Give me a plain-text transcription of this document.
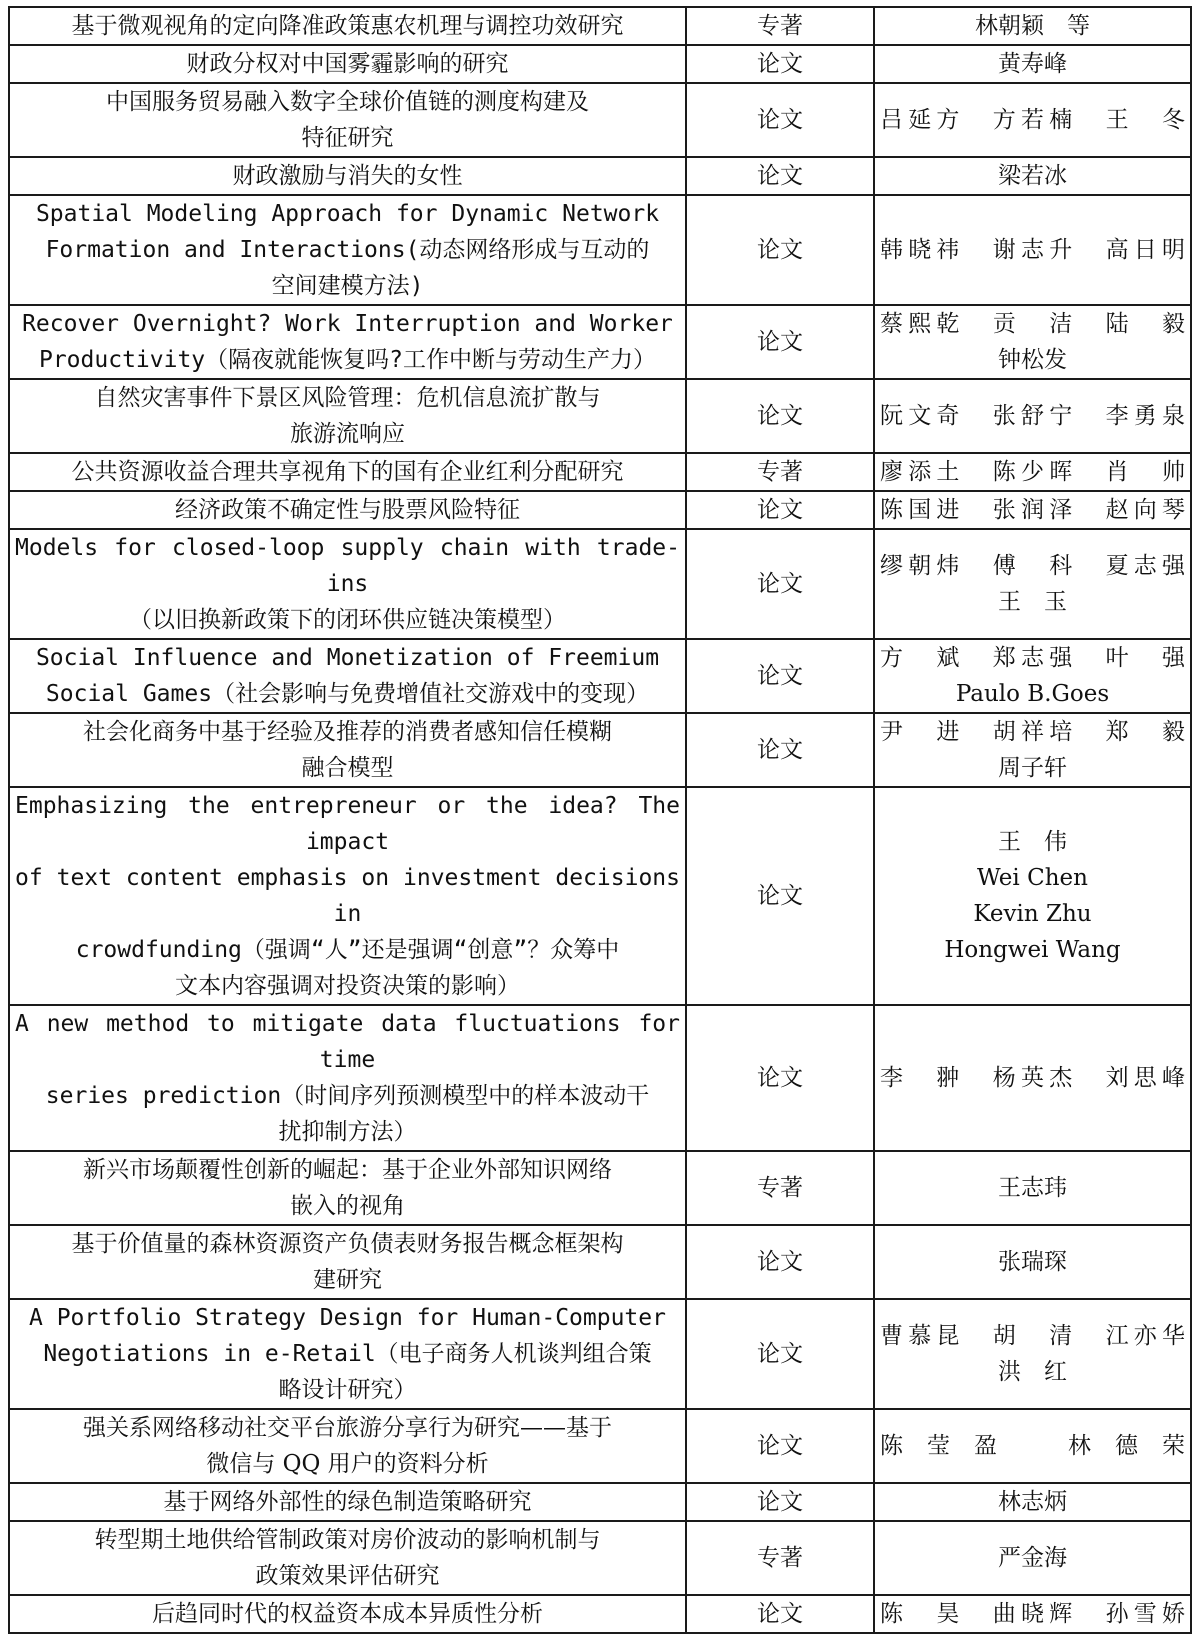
基于微观视角的定向降准政策惠农机理与调控功效研究	专著	林朝颖　等

财政分权对中国雾霾影响的研究	论文	黄寿峰

中国服务贸易融入数字全球价值链的测度构建及
特征研究	论文	吕延方　方若楠　王　冬

财政激励与消失的女性	论文	梁若冰

Spatial Modeling Approach for Dynamic Network
Formation and Interactions(动态网络形成与互动的
空间建模方法)	论文	韩晓祎　谢志升　高日明

Recover Overnight? Work Interruption and Worker
Productivity（隔夜就能恢复吗?工作中断与劳动生产力）	论文	蔡熙乾　贡　洁　陆　毅
钟松发

自然灾害事件下景区风险管理：危机信息流扩散与
旅游流响应	论文	阮文奇　张舒宁　李勇泉

公共资源收益合理共享视角下的国有企业红利分配研究	专著	廖添土　陈少晖　肖　帅

经济政策不确定性与股票风险特征	论文	陈国进　张润泽　赵向琴

Models for closed-loop supply chain with trade-ins
（以旧换新政策下的闭环供应链决策模型）	论文	缪朝炜　傅　科　夏志强
王　玉

Social Influence and Monetization of Freemium
Social Games（社会影响与免费增值社交游戏中的变现）	论文	方　斌　郑志强　叶　强
Paulo B.Goes

社会化商务中基于经验及推荐的消费者感知信任模糊
融合模型	论文	尹　进　胡祥培　郑　毅
周子轩

Emphasizing the entrepreneur or the idea? The impact
of text content emphasis on investment decisions in
crowdfunding（强调“人”还是强调“创意”？众筹中
文本内容强调对投资决策的影响）	论文	王　伟
Wei Chen
Kevin Zhu
Hongwei Wang

A new method to mitigate data fluctuations for time
series prediction（时间序列预测模型中的样本波动干
扰抑制方法）	论文	李　翀　杨英杰　刘思峰

新兴市场颠覆性创新的崛起：基于企业外部知识网络
嵌入的视角	专著	王志玮

基于价值量的森林资源资产负债表财务报告概念框架构
建研究	论文	张瑞琛

A Portfolio Strategy Design for Human-Computer
Negotiations in e-Retail（电子商务人机谈判组合策
略设计研究）	论文	曹慕昆　胡　清　江亦华
洪　红

强关系网络移动社交平台旅游分享行为研究——基于
微信与 QQ 用户的资料分析	论文	陈莹盈　林德荣

基于网络外部性的绿色制造策略研究	论文	林志炳

转型期土地供给管制政策对房价波动的影响机制与
政策效果评估研究	专著	严金海

后趋同时代的权益资本成本异质性分析	论文	陈　昊　曲晓辉　孙雪娇
